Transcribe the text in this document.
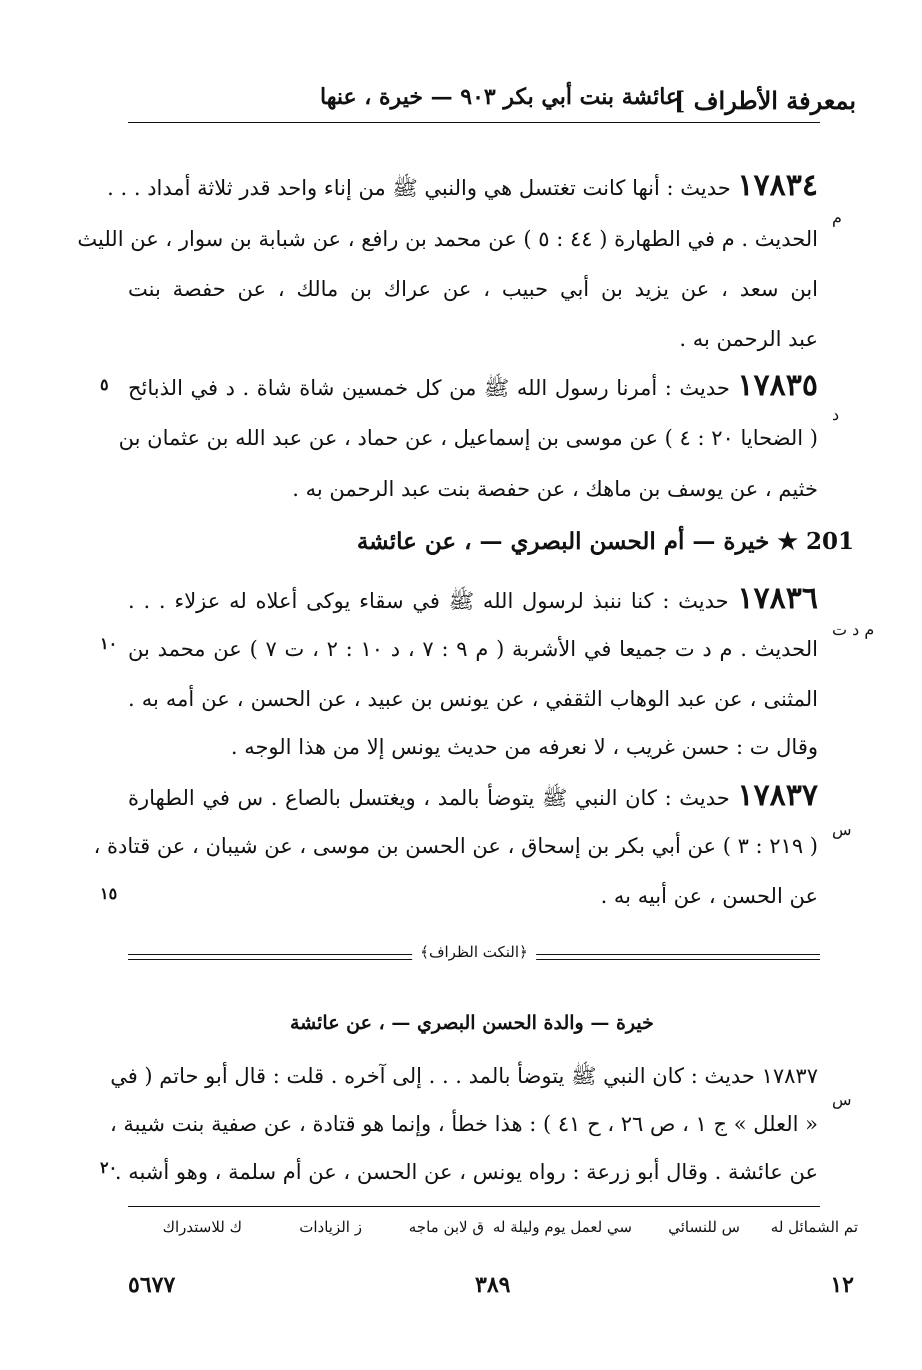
بمعرفة الأطراف ]
عائشة بنت أبي بكر ٩٠٣ — خيرة ، عنها
١٧٨٣٤ حديث : أنها كانت تغتسل هي والنبي ﷺ من إناء واحد قدر ثلاثة أمداد . . .
الحديث . م في الطهارة ( ٤٤ : ٥ ) عن محمد بن رافع ، عن شبابة بن سوار ، عن الليث
ابن سعد ، عن يزيد بن أبي حبيب ، عن عراك بن مالك ، عن حفصة بنت
عبد الرحمن به .
م
١٧٨٣٥ حديث : أمرنا رسول الله ﷺ من كل خمسين شاة شاة . د في الذبائح
( الضحايا ٢٠ : ٤ ) عن موسى بن إسماعيل ، عن حماد ، عن عبد الله بن عثمان بن
خثيم ، عن يوسف بن ماهك ، عن حفصة بنت عبد الرحمن به .
د
٥
201 ★ خيرة — أم الحسن البصري — ، عن عائشة
١٧٨٣٦ حديث : كنا ننبذ لرسول الله ﷺ في سقاء يوكى أعلاه له عزلاء . . .
الحديث . م د ت جميعا في الأشربة ( م ٩ : ٧ ، د ١٠ : ٢ ، ت ٧ ) عن محمد بن
المثنى ، عن عبد الوهاب الثقفي ، عن يونس بن عبيد ، عن الحسن ، عن أمه به .
وقال ت : حسن غريب ، لا نعرفه من حديث يونس إلا من هذا الوجه .
م د ت
١٠
١٧٨٣٧ حديث : كان النبي ﷺ يتوضأ بالمد ، ويغتسل بالصاع . س في الطهارة
( ٢١٩ : ٣ ) عن أبي بكر بن إسحاق ، عن الحسن بن موسى ، عن شيبان ، عن قتادة ،
عن الحسن ، عن أبيه به .
س
١٥
﴿النكت الظراف﴾
خيرة — والدة الحسن البصري — ، عن عائشة
١٧٨٣٧ حديث : كان النبي ﷺ يتوضأ بالمد . . . إلى آخره . قلت : قال أبو حاتم ( في
« العلل » ج ١ ، ص ٢٦ ، ح ٤١ ) : هذا خطأ ، وإنما هو قتادة ، عن صفية بنت شيبة ،
عن عائشة . وقال أبو زرعة : رواه يونس ، عن الحسن ، عن أم سلمة ، وهو أشبه .
س
٢٠
تم الشمائل له
س للنسائي
سي لعمل يوم وليلة له
ق لابن ماجه
ز الزيادات
ك للاستدراك
١٢
٣٨٩
٥٦٧٧
